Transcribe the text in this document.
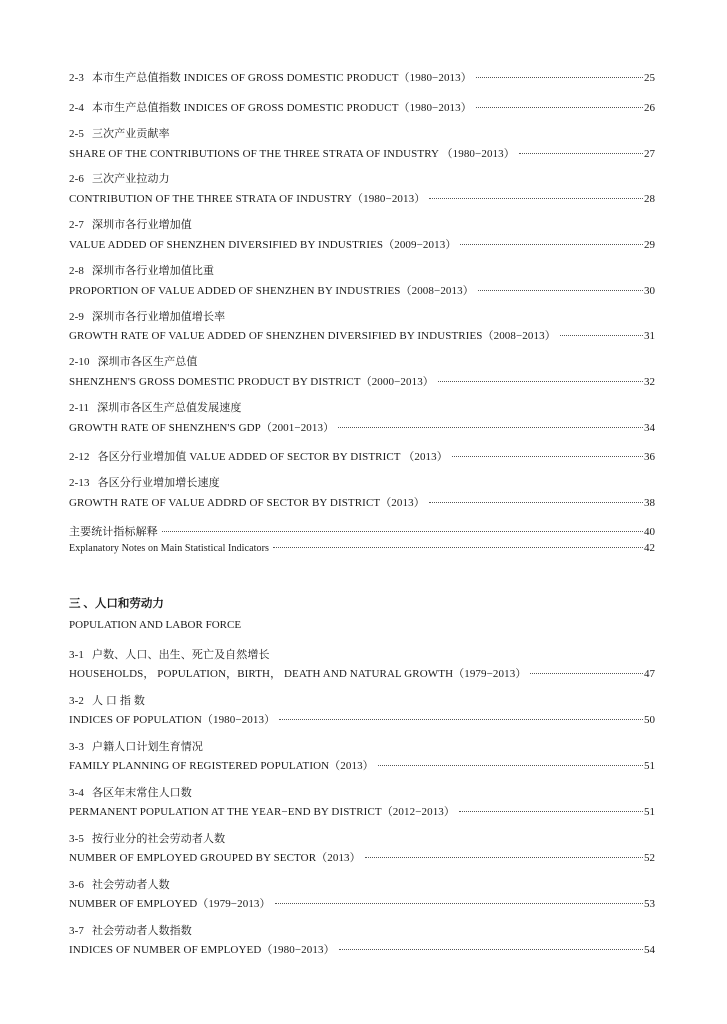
2-3 本市生产总值指数 INDICES OF GROSS DOMESTIC PRODUCT（1980−2013）	25
2-4 本市生产总值指数 INDICES OF GROSS DOMESTIC PRODUCT（1980−2013）	26
2-5 三次产业贡献率
SHARE OF THE CONTRIBUTIONS OF THE THREE STRATA OF INDUSTRY （1980−2013）	27
2-6 三次产业拉动力
CONTRIBUTION OF THE THREE STRATA OF INDUSTRY（1980−2013）	28
2-7 深圳市各行业增加值
VALUE ADDED OF SHENZHEN DIVERSIFIED BY INDUSTRIES（2009−2013）	29
2-8 深圳市各行业增加值比重
PROPORTION OF VALUE ADDED OF SHENZHEN BY INDUSTRIES（2008−2013）	30
2-9 深圳市各行业增加值增长率
GROWTH RATE OF VALUE ADDED OF SHENZHEN DIVERSIFIED BY INDUSTRIES（2008−2013）	31
2-10 深圳市各区生产总值
SHENZHEN'S GROSS DOMESTIC PRODUCT BY DISTRICT（2000−2013）	32
2-11 深圳市各区生产总值发展速度
GROWTH RATE OF SHENZHEN'S GDP（2001−2013）	34
2-12 各区分行业增加值 VALUE ADDED OF SECTOR BY DISTRICT （2013）	36
2-13 各区分行业增加增长速度
GROWTH RATE OF VALUE ADDRD OF SECTOR BY DISTRICT（2013）	38
主要统计指标解释	40
Explanatory Notes on Main Statistical Indicators	42
三 、人口和劳动力
POPULATION AND LABOR FORCE
3-1 户数、人口、出生、死亡及自然增长
HOUSEHOLDS， POPULATION，BIRTH， DEATH AND NATURAL GROWTH（1979−2013）	47
3-2 人 口 指 数
INDICES OF POPULATION（1980−2013）	50
3-3 户籍人口计划生育情况
FAMILY PLANNING OF REGISTERED POPULATION（2013）	51
3-4 各区年末常住人口数
PERMANENT POPULATION AT THE YEAR−END BY DISTRICT（2012−2013）	51
3-5 按行业分的社会劳动者人数
NUMBER OF EMPLOYED GROUPED BY SECTOR（2013）	52
3-6 社会劳动者人数
NUMBER OF EMPLOYED（1979−2013）	53
3-7 社会劳动者人数指数
INDICES OF NUMBER OF EMPLOYED（1980−2013）	54
